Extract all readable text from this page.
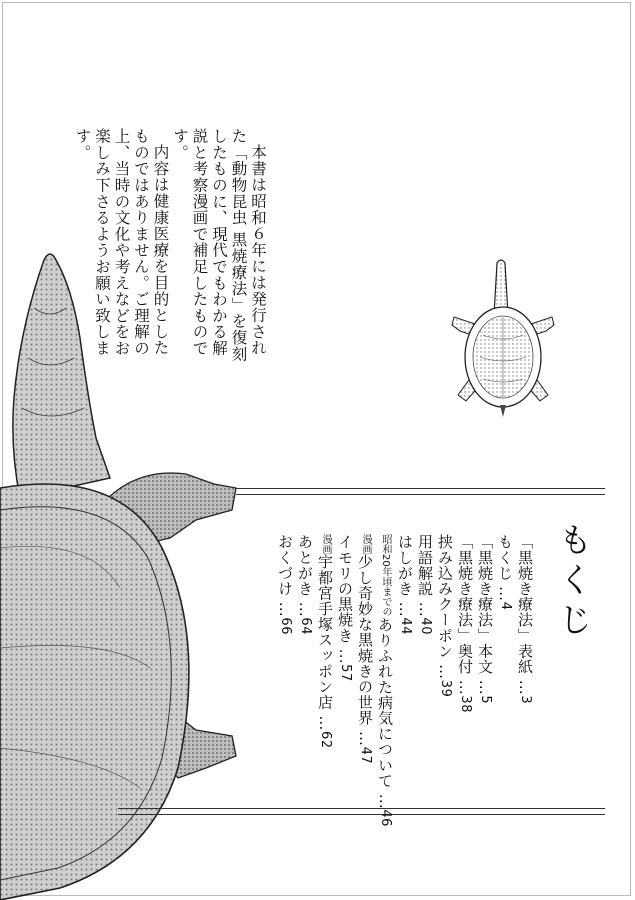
本書は昭和６年には発行された「動物昆虫 黒焼療法」を復刻したものに、現代でもわかる解説と考察漫画で補足したものです。

内容は健康医療を目的としたものではありません。ご理解の上、当時の文化や考えなどをお楽しみ下さるようお願い致します。

もくじ
「黒焼き療法」表紙 …3
もくじ …4
「黒焼き療法」本文 …5
「黒焼き療法」奥付 …38
挟み込みクーポン …39
用語解説 …40
はしがき …44
昭和20年頃までのありふれた病気について …46
漫画少し奇妙な黒焼きの世界 …47
イモリの黒焼き …57
漫画宇都宮手塚スッポン店 …62
あとがき …64
おくづけ …66
